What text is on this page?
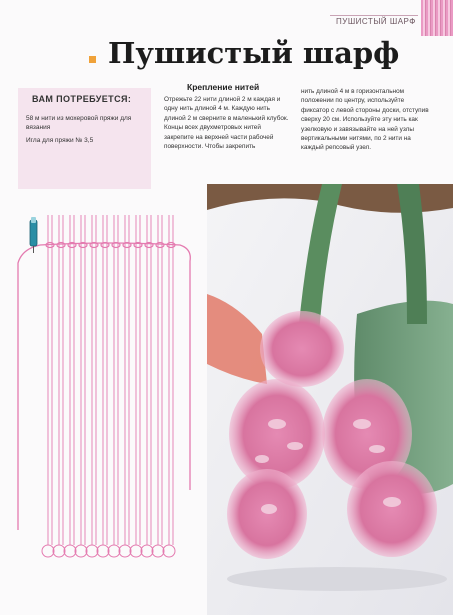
ПУШИСТЫЙ ШАРФ
Пушистый шарф
ВАМ ПОТРЕБУЕТСЯ:
58 м нити из мохеровой пряжи для вязания
Игла для пряжи № 3,5
Крепление нитей
Отрежьте 22 нити длиной 2 м каждая и одну нить длиной 4 м. Каждую нить длиной 2 м сверните в маленький клубок. Концы всех двухметровых нитей закрепите на верхней части рабочей поверхности. Чтобы закрепить
нить длиной 4 м в горизонтальном положении по центру, используйте фиксатор с левой стороны доски, отступив сверху 20 см. Используйте эту нить как узелковую и завязывайте на ней узлы вертикальными нитями, по 2 нити на каждый репсовый узел.
